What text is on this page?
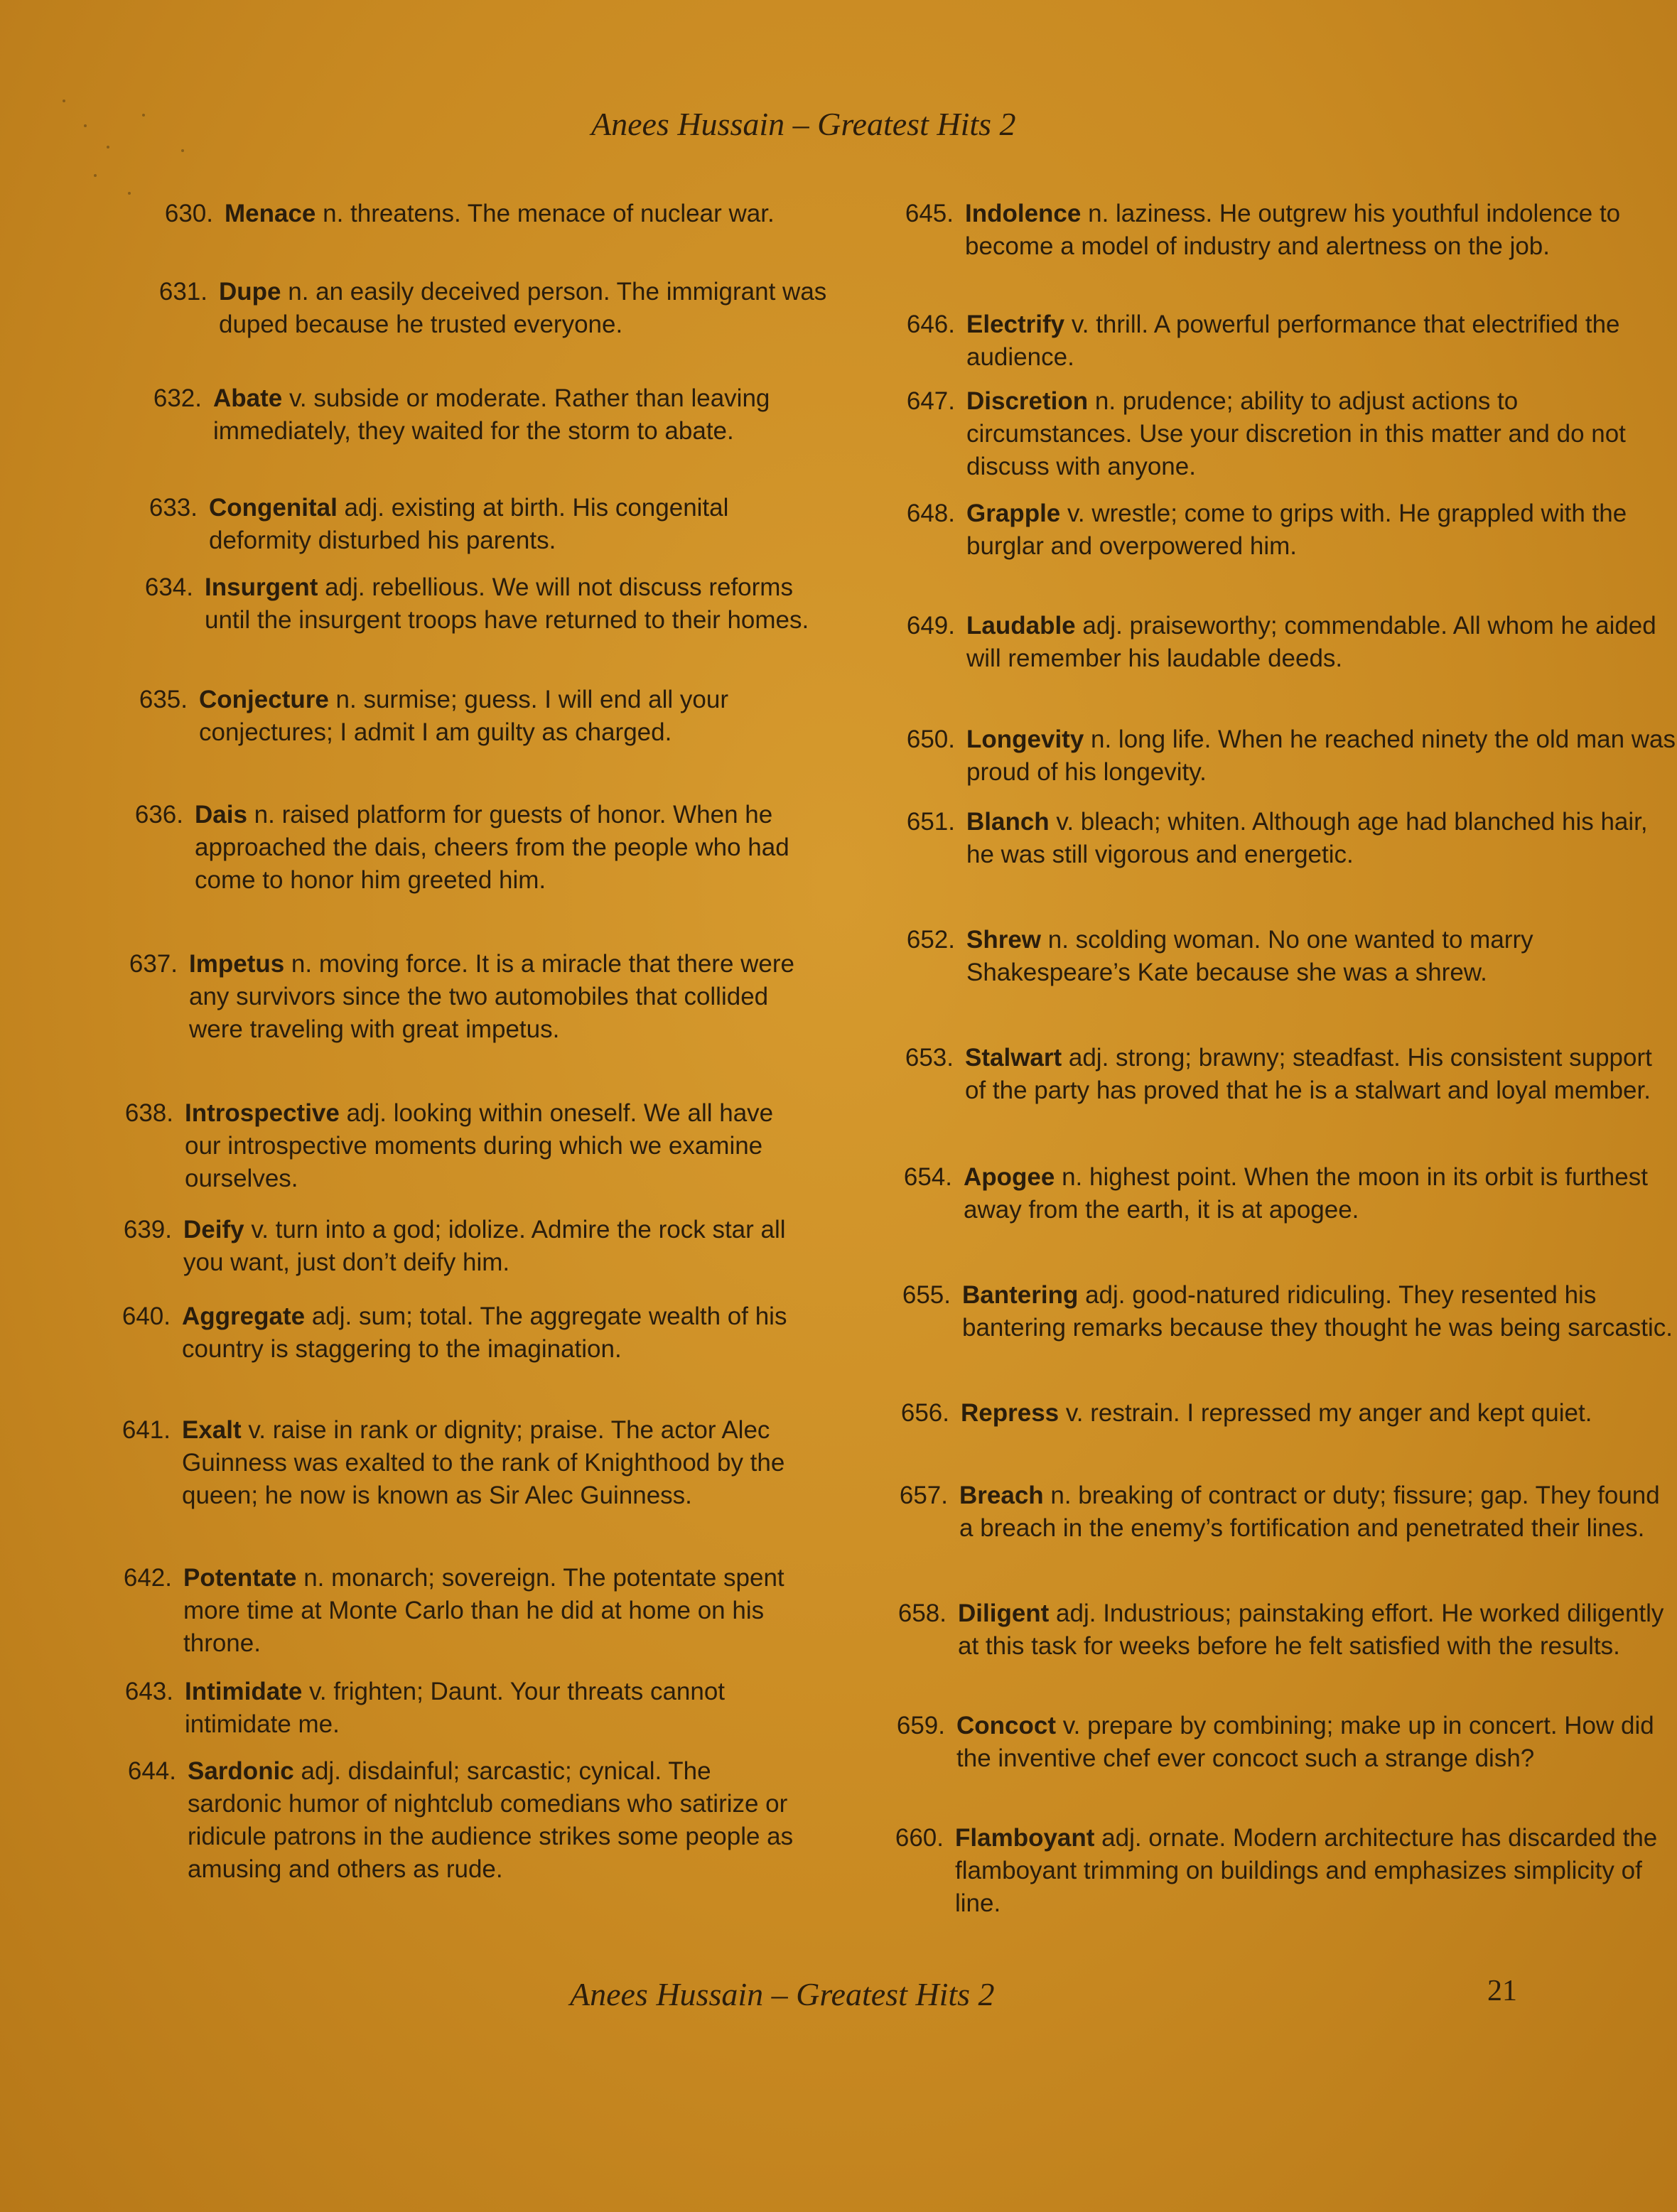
Anees Hussain – Greatest Hits 2
630. Menace n. threatens. The menace of nuclear war.
631. Dupe n. an easily deceived person. The immigrant was duped because he trusted everyone.
632. Abate v. subside or moderate. Rather than leaving immediately, they waited for the storm to abate.
633. Congenital adj. existing at birth. His congenital deformity disturbed his parents.
634. Insurgent adj. rebellious. We will not discuss reforms until the insurgent troops have returned to their homes.
635. Conjecture n. surmise; guess. I will end all your conjectures; I admit I am guilty as charged.
636. Dais n. raised platform for guests of honor. When he approached the dais, cheers from the people who had come to honor him greeted him.
637. Impetus n. moving force. It is a miracle that there were any survivors since the two automobiles that collided were traveling with great impetus.
638. Introspective adj. looking within oneself. We all have our introspective moments during which we examine ourselves.
639. Deify v. turn into a god; idolize. Admire the rock star all you want, just don’t deify him.
640. Aggregate adj. sum; total. The aggregate wealth of his country is staggering to the imagination.
641. Exalt v. raise in rank or dignity; praise. The actor Alec Guinness was exalted to the rank of Knighthood by the queen; he now is known as Sir Alec Guinness.
642. Potentate n. monarch; sovereign. The potentate spent more time at Monte Carlo than he did at home on his throne.
643. Intimidate v. frighten; Daunt. Your threats cannot intimidate me.
644. Sardonic adj. disdainful; sarcastic; cynical. The sardonic humor of nightclub comedians who satirize or ridicule patrons in the audience strikes some people as amusing and others as rude.
645. Indolence n. laziness. He outgrew his youthful indolence to become a model of industry and alertness on the job.
646. Electrify v. thrill. A powerful performance that electrified the audience.
647. Discretion n. prudence; ability to adjust actions to circumstances. Use your discretion in this matter and do not discuss with anyone.
648. Grapple v. wrestle; come to grips with. He grappled with the burglar and overpowered him.
649. Laudable adj. praiseworthy; commendable. All whom he aided will remember his laudable deeds.
650. Longevity n. long life. When he reached ninety the old man was proud of his longevity.
651. Blanch v. bleach; whiten. Although age had blanched his hair, he was still vigorous and energetic.
652. Shrew n. scolding woman. No one wanted to marry Shakespeare’s Kate because she was a shrew.
653. Stalwart adj. strong; brawny; steadfast. His consistent support of the party has proved that he is a stalwart and loyal member.
654. Apogee n. highest point. When the moon in its orbit is furthest away from the earth, it is at apogee.
655. Bantering adj. good-natured ridiculing. They resented his bantering remarks because they thought he was being sarcastic.
656. Repress v. restrain. I repressed my anger and kept quiet.
657. Breach n. breaking of contract or duty; fissure; gap. They found a breach in the enemy’s fortification and penetrated their lines.
658. Diligent adj. Industrious; painstaking effort. He worked diligently at this task for weeks before he felt satisfied with the results.
659. Concoct v. prepare by combining; make up in concert. How did the inventive chef ever concoct such a strange dish?
660. Flamboyant adj. ornate. Modern architecture has discarded the flamboyant trimming on buildings and emphasizes simplicity of line.
Anees Hussain – Greatest Hits 2	21
